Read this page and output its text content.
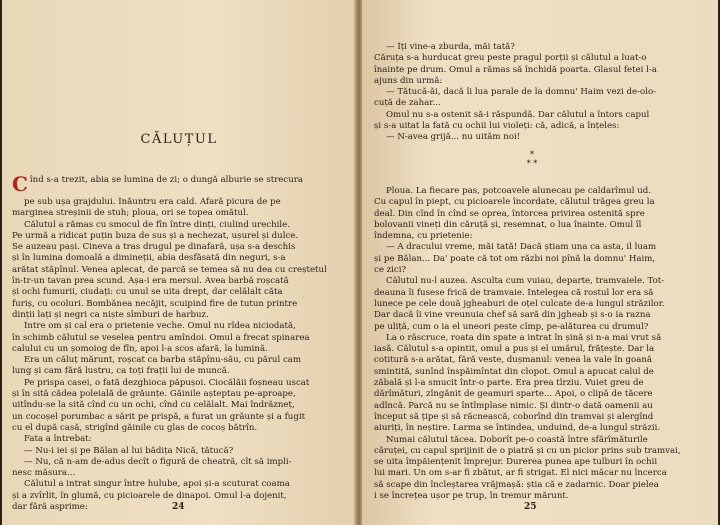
CĂLUȚUL
Cînd s-a trezit, abia se lumina de zi; o dungă alburie se strecura
pe sub ușa grajdului. Înăuntru era cald. Afară picura de pe
marginea streșinii de stuh; ploua, ori se topea omătul.
Călutul a rămas cu smocul de fîn între dinți, ciulind urechile.
Pe urmă a ridicat puțin buza de sus și a nechezat, ușurel și dulce.
Se auzeau pași. Cineva a tras drugul pe dinafară, ușa s-a deschis
și în lumina domoală a dimineții, abia desfăsată din neguri, s-a
arătat stăpînul. Venea aplecat, de parcă se temea să nu dea cu creștetul
în-tr-un tavan prea scund. Așa-i era mersul. Avea barbă roșcată
și ochi fumurii, ciudați: cu unul se uita drept, dar celălalt căta
furiș, cu ocoluri. Bombănea necăjit, scuipind fire de tutun printre
dinții lați și negri ca niște sîmburi de harbuz.
Între om și cal era o prietenie veche. Omul nu rîdea niciodată,
în schimb călutul se veselea pentru amîndoi. Omul a frecat spinarea
calului cu un șomoiog de fîn, apoi l-a scos afară, la lumină.
Era un căluț mărunt, roșcat ca barba stăpînu-său, cu părul cam
lung și cam fără lustru, ca toți frații lui de muncă.
Pe prispa casei, o fată dezghioca păpușoi. Ciocălăii foșneau uscat
și în sită cădea poleială de grăunțe. Găinile așteptau pe-aproape,
uitîndu-se la sită cînd cu un ochi, cînd cu celălalt. Mai îndrăzneț,
un cocoșel porumbac a sărit pe prispă, a furat un grăunte și a fugit
cu el după casă, strigînd găinile cu glas de cocoș bătrîn.
Fata a întrebat:
— Nu-i iei și pe Bălan al lui bădița Nică, tătucă?
— Nu, că n-am de-adus decît o figură de cheatră, cît să impli-
nesc măsura...
Călutul a intrat singur între hulube, apoi și-a scuturat coama
și a zvîrlit, în glumă, cu picioarele de dinapoi. Omul l-a dojenit,
dar fără asprime:	24
— Îți vine-a zburda, măi tată?
Căruța s-a hurducat greu peste pragul porții și călutul a luat-o
înainte pe drum. Omul a rămas să închidă poarta. Glasul fetei l-a
ajuns din urmă:
— Tătucă-ăi, dacă îi lua parale de la domnu' Haim vezi de-olo-
cuță de zahar...
Omul nu s-a ostenit să-i răspundă. Dar călutul a întors capul
și s-a uitat la fată cu ochii lui violeți: că, adică, a înțeles:
— N-avea grijă... nu uităm noi!
*
* *
Ploua. La fiecare pas, potcoavele alunecau pe caldarîmul ud.
Cu capul în piept, cu picioarele încordate, călutul trăgea greu la
deal. Din cînd în cînd se oprea, întorcea privirea ostenită spre
bolovanii vineți din căruță și, resemnat, o lua înainte. Omul îl
îndemna, cu prietenie:
— A dracului vreme, măi tată! Dacă știam una ca asta, il luam
și pe Bălan... Da' poate că tot om răzbi noi pînă la domnu' Haim,
ce zici?
Călutul nu-l auzea. Asculta cum vuiau, departe, tramvaiele. Tot-
deauna îi fusese frică de tramvaie. Întelegea că rostul lor era să
lunece pe cele două jgheaburi de oțel culcate de-a lungul străzilor.
Dar dacă îi vine vreunuia chef să sară din jgheab și s-o ia razna
pe uliță, cum o ia el uneori peste cîmp, pe-alăturea cu drumul?
La o răscruce, roata din spate a intrat în șină și n-a mai vrut să
iasă. Călutul s-a opintit, omul a pus și el umărul, frățește. Dar la
cotitură s-a arătat, fără veste, dușmanul: venea la vale în goană
smintită, sunînd înspăimîntat din clopot. Omul a apucat calul de
zăbală și l-a smucit într-o parte. Era prea tîrziu. Vuiet greu de
dărîmături, zîngănit de geamuri sparte... Apoi, o clipă de tăcere
adîncă. Parcă nu se întîmplase nimic. Și dintr-o dată oamenii au
început să țipe și să răcnească, coborînd din tramvai și alergînd
aiuriți, în neștire. Larma se întindea, unduind, de-a lungul străzii.
Numai călutul tăcea. Doborît pe-o coastă între sfărîmăturile
căruței, cu capul sprijinit de o piatră și cu un picior prins sub tramvai,
se uita împăiențenit împrejur. Durerea punea ape tulburi în ochii
lui mari. Un om s-ar fi zbătut, ar fi strigat. El nici măcar nu încerca
să scape din încleștarea vrăjmașă: știa că e zadarnic. Doar pielea
i se încrețea ușor pe trup, în tremur mărunt.
25
